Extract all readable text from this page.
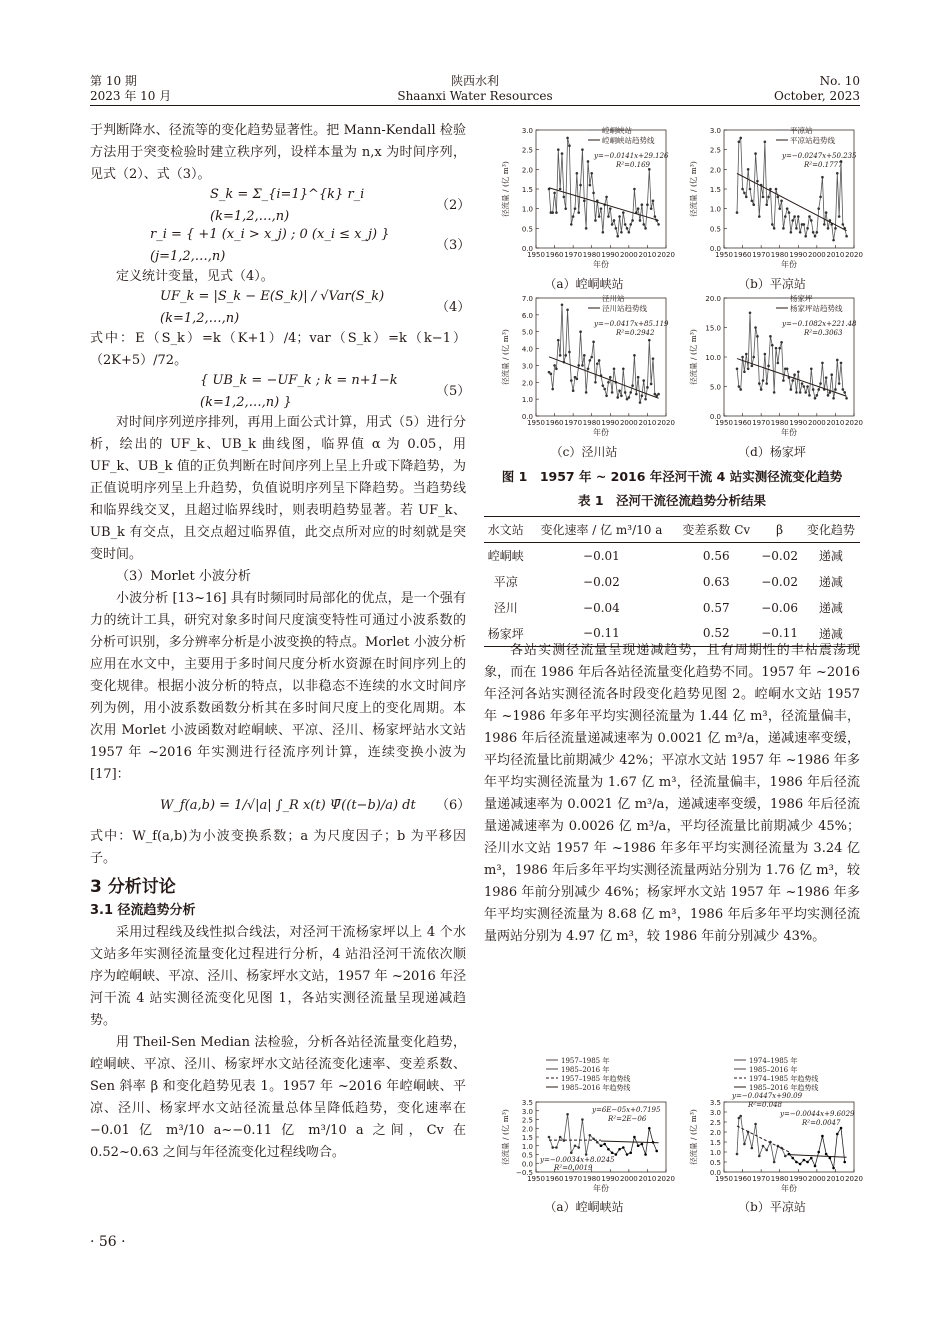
第 10 期
2023 年 10 月
陕西水利
Shaanxi Water Resources
No. 10
October, 2023

于判断降水、径流等的变化趋势显著性。把 Mann-Kendall 检验方法用于突变检验时建立秩序列，设样本量为 n,x 为时间序列，见式（2）、式（3）。

S_k = Σ_{i=1}^{k} r_i (k=1,2,…,n)
（2）
r_i = { +1 (x_i > x_j) ; 0 (x_i ≤ x_j) } (j=1,2,…,n)
（3）

定义统计变量，见式（4）。

UF_k = |S_k − E(S_k)| / √Var(S_k) (k=1,2,…,n)
（4）

式中：E（S_k）=k（K+1）/4；var（S_k）=k（k−1）（2K+5）/72。

{ UB_k = −UF_k ; k = n+1−k (k=1,2,…,n) }
（5）

对时间序列逆序排列，再用上面公式计算，用式（5）进行分析，绘出的 UF_k、UB_k 曲线图，临界值 α 为 0.05，用 UF_k、UB_k 值的正负判断在时间序列上呈上升或下降趋势，为正值说明序列呈上升趋势，负值说明序列呈下降趋势。当趋势线和临界线交叉，且超过临界线时，则表明趋势显著。若 UF_k、UB_k 有交点，且交点超过临界值，此交点所对应的时刻就是突变时间。

（3）Morlet 小波分析

小波分析 [13~16] 具有时频同时局部化的优点，是一个强有力的统计工具，研究对象多时间尺度演变特性可通过小波系数的分析可识别，多分辨率分析是小波变换的特点。Morlet 小波分析应用在水文中，主要用于多时间尺度分析水资源在时间序列上的变化规律。根据小波分析的特点，以非稳态不连续的水文时间序列为例，用小波系数函数分析其在多时间尺度上的变化周期。本次用 Morlet 小波函数对崆峒峡、平凉、泾川、杨家坪站水文站 1957 年 ~2016 年实测进行径流序列计算，连续变换小波为 [17]：

W_f(a,b) = 1/√|a| ∫_R x(t) Ψ̄((t−b)/a) dt	（6）

式中：W_f(a,b)为小波变换系数；a 为尺度因子；b 为平移因子。

3 分析讨论
3.1 径流趋势分析

采用过程线及线性拟合线法，对泾河干流杨家坪以上 4 个水文站多年实测径流量变化过程进行分析，4 站沿泾河干流依次顺序为崆峒峡、平凉、泾川、杨家坪水文站，1957 年 ~2016 年泾河干流 4 站实测径流变化见图 1，各站实测径流量呈现递减趋势。

用 Theil-Sen Median 法检验，分析各站径流量变化趋势，崆峒峡、平凉、泾川、杨家坪水文站径流变化速率、变差系数、Sen 斜率 β 和变化趋势见表 1。1957 年 ~2016 年崆峒峡、平凉、泾川、杨家坪水文站径流量总体呈降低趋势，变化速率在 −0.01 亿 m³/10 a~−0.11 亿 m³/10 a 之间，Cv 在 0.52~0.63 之间与年径流变化过程线吻合。

0.0
0.5
1.0
1.5
2.0
2.5
3.0
1950 1960 1970 1980 1990 2000 2010 2020
年份
径流量 / (亿 m³)
崆峒峡站
崆峒峡站趋势线
y=−0.0141x+29.126
R²=0.169
（a）崆峒峡站
0.0
0.5
1.0
1.5
2.0
2.5
3.0
1950 1960 1970 1980 1990 2000 2010 2020
年份
径流量 / (亿 m³)
平凉站
平凉站趋势线
y=−0.0247x+50.235
R²=0.1777
（b）平凉站
0.0
1.0
2.0
3.0
4.0
5.0
6.0
7.0
1950 1960 1970 1980 1990 2000 2010 2020
年份
径流量 / (亿 m³)
泾川站
泾川站趋势线
y=−0.0417x+85.119
R²=0.2942
（c）泾川站
0.0
5.0
10.0
15.0
20.0
1950 1960 1970 1980 1990 2000 2010 2020
年份
径流量 / (亿 m³)
杨家坪
杨家坪站趋势线
y=−0.1082x+221.48
R²=0.3063
（d）杨家坪
图 1　1957 年 ~ 2016 年泾河干流 4 站实测径流变化趋势
表 1　泾河干流径流趋势分析结果
水文站	变化速率 / 亿 m³/10 a	变差系数 Cv	β	变化趋势
崆峒峡	−0.01	0.56	−0.02	递减
平凉	−0.02	0.63	−0.02	递减
泾川	−0.04	0.57	−0.06	递减
杨家坪	−0.11	0.52	−0.11	递减

各站实测径流量呈现递减趋势，且有周期性的丰枯震荡现象，而在 1986 年后各站径流量变化趋势不同。1957 年 ~2016 年泾河各站实测径流各时段变化趋势见图 2。崆峒水文站 1957 年 ~1986 年多年平均实测径流量为 1.44 亿 m³，径流量偏丰，1986 年后径流量递减速率为 0.0021 亿 m³/a，递减速率变缓，平均径流量比前期减少 42%；平凉水文站 1957 年 ~1986 年多年平均实测径流量为 1.67 亿 m³，径流量偏丰，1986 年后径流量递减速率为 0.0021 亿 m³/a，递减速率变缓，1986 年后径流量递减速率为 0.0026 亿 m³/a，平均径流量比前期减少 45%；泾川水文站 1957 年 ~1986 年多年平均实测径流量为 3.24 亿 m³，1986 年后多年平均实测径流量两站分别为 1.76 亿 m³，较 1986 年前分别减少 46%；杨家坪水文站 1957 年 ~1986 年多年平均实测径流量为 8.68 亿 m³，1986 年后多年平均实测径流量两站分别为 4.97 亿 m³，较 1986 年前分别减少 43%。

−0.5
0.0
0.5
1.0
1.5
2.0
2.5
3.0
3.5
1950 1960 1970 1980 1990 2000 2010 2020
年份
径流量 / (亿 m³)
1957–1985 年
1985–2016 年
1957–1985 年趋势线
1985–2016 年趋势线
y=6E−05x+0.7195
R²=2E−06
y=−0.0034x+8.0245
R²=0.0019
（a）崆峒峡站
0.0
0.5
1.0
1.5
2.0
2.5
3.0
3.5
1950 1960 1970 1980 1990 2000 2010 2020
年份
径流量 / (亿 m³)
1974–1985 年
1985–2016 年
1974–1985 年趋势线
1985–2016 年趋势线
y=−0.0447x+90.09
R²=0.048
y=−0.0044x+9.6029
R²=0.0047
（b）平凉站
· 56 ·
